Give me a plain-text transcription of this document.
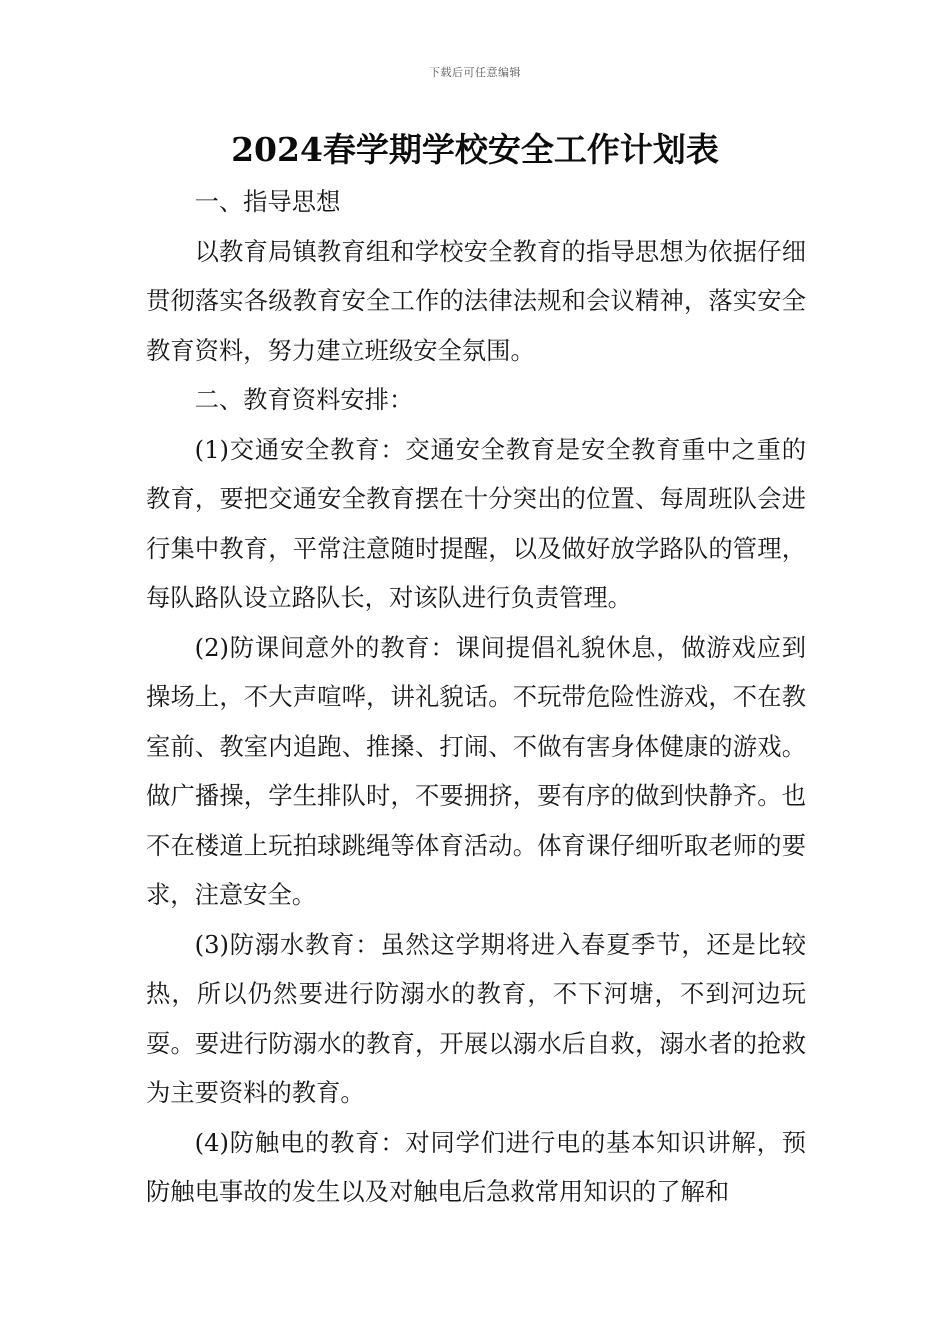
下载后可任意编辑
2024春学期学校安全工作计划表

一、指导思想

以教育局镇教育组和学校安全教育的指导思想为依据仔细贯彻落实各级教育安全工作的法律法规和会议精神，落实安全教育资料，努力建立班级安全氛围。

二、教育资料安排：

(1)交通安全教育：交通安全教育是安全教育重中之重的教育，要把交通安全教育摆在十分突出的位置、每周班队会进行集中教育，平常注意随时提醒，以及做好放学路队的管理，每队路队设立路队长，对该队进行负责管理。

(2)防课间意外的教育：课间提倡礼貌休息，做游戏应到操场上，不大声喧哗，讲礼貌话。不玩带危险性游戏，不在教室前、教室内追跑、推搡、打闹、不做有害身体健康的游戏。做广播操，学生排队时，不要拥挤，要有序的做到快静齐。也不在楼道上玩拍球跳绳等体育活动。体育课仔细听取老师的要求，注意安全。

(3)防溺水教育：虽然这学期将进入春夏季节，还是比较热，所以仍然要进行防溺水的教育，不下河塘，不到河边玩耍。要进行防溺水的教育，开展以溺水后自救，溺水者的抢救为主要资料的教育。

(4)防触电的教育：对同学们进行电的基本知识讲解，预防触电事故的发生以及对触电后急救常用知识的了解和
